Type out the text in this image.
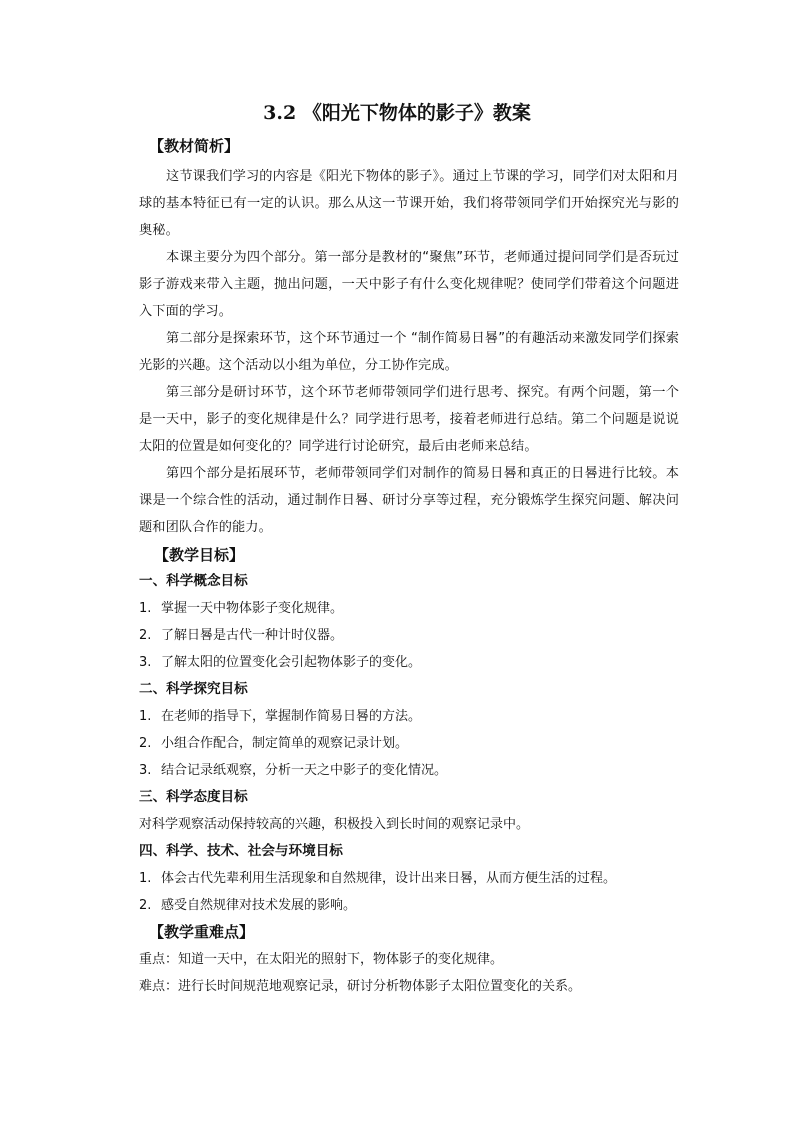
3.2 《阳光下物体的影子》教案

【教材简析】

这节课我们学习的内容是《阳光下物体的影子》。通过上节课的学习，同学们对太阳和月球的基本特征已有一定的认识。那么从这一节课开始，我们将带领同学们开始探究光与影的奥秘。

本课主要分为四个部分。第一部分是教材的“聚焦”环节，老师通过提问同学们是否玩过影子游戏来带入主题，抛出问题，一天中影子有什么变化规律呢？使同学们带着这个问题进入下面的学习。

第二部分是探索环节，这个环节通过一个 “制作简易日晷”的有趣活动来激发同学们探索光影的兴趣。这个活动以小组为单位，分工协作完成。

第三部分是研讨环节，这个环节老师带领同学们进行思考、探究。有两个问题，第一个是一天中，影子的变化规律是什么？同学进行思考，接着老师进行总结。第二个问题是说说太阳的位置是如何变化的？同学进行讨论研究，最后由老师来总结。

第四个部分是拓展环节，老师带领同学们对制作的简易日晷和真正的日晷进行比较。本课是一个综合性的活动，通过制作日晷、研讨分享等过程，充分锻炼学生探究问题、解决问题和团队合作的能力。

【教学目标】

一、科学概念目标

1. 掌握一天中物体影子变化规律。

2. 了解日晷是古代一种计时仪器。

3. 了解太阳的位置变化会引起物体影子的变化。

二、科学探究目标

1. 在老师的指导下，掌握制作简易日晷的方法。

2. 小组合作配合，制定简单的观察记录计划。

3. 结合记录纸观察，分析一天之中影子的变化情况。

三、科学态度目标

对科学观察活动保持较高的兴趣，积极投入到长时间的观察记录中。

四、科学、技术、社会与环境目标

1. 体会古代先辈利用生活现象和自然规律，设计出来日晷，从而方便生活的过程。

2. 感受自然规律对技术发展的影响。

【教学重难点】

重点：知道一天中，在太阳光的照射下，物体影子的变化规律。

难点：进行长时间规范地观察记录，研讨分析物体影子太阳位置变化的关系。
